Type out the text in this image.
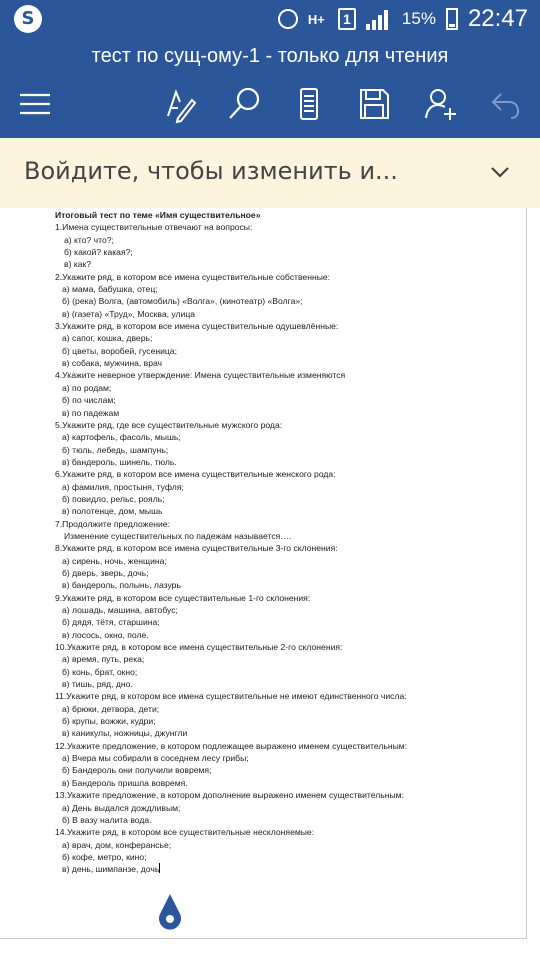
S
H+	1	15% 22:47
тест по сущ-ому-1 - только для чтения
Войдите, чтобы изменить и...
Итоговый тест по теме «Имя существительное»
1.Имена существительные отвечают на вопросы:
а) кто? что?;
б) какой? какая?;
в) как?
2.Укажите ряд, в котором все имена существительные собственные:
а) мама, бабушка, отец;
б) (река) Волга, (автомобиль) «Волга», (кинотеатр) «Волга»;
в) (газета) «Труд», Москва, улица
3.Укажите ряд, в котором все имена существительные одушевлённые:
а) сапог, кошка, дверь;
б) цветы, воробей, гусеница;
в) собака, мужчина, врач
4.Укажите неверное утверждение: Имена существительные изменяются
а) по родам;
б) по числам;
в) по падежам
5.Укажите ряд, где все существительные мужского рода:
а) картофель, фасоль, мышь;
б) тюль, лебедь, шампунь;
в) бандероль, шинель, тюль.
6.Укажите ряд, в котором все имена существительные женского рода:
а) фамилия, простыня, туфля;
б) повидло, рельс, рояль;
в) полотенце, дом, мышь
7.Продолжите предложение:
Изменение существительных по падежам называется….
8.Укажите ряд, в котором все имена существительные 3-го склонения:
а) сирень, ночь, женщина;
б) дверь, зверь, дочь;
в) бандероль, полынь, лазурь
9.Укажите ряд, в котором все существительные 1-го склонения:
а) лошадь, машина, автобус;
б) дядя, тётя, старшина;
в) лосось, окно, поле.
10.Укажите ряд, в котором все имена существительные 2-го склонения:
а) время, путь, река;
б) конь, брат, окно;
в) тишь, ряд, дно.
11.Укажите ряд, в котором все имена существительные не имеют единственного числа:
а) брюки, детвора, дети;
б) крупы, вожжи, кудри;
в) каникулы, ножницы, джунгли
12.Укажите предложение, в котором подлежащее выражено именем существительным:
а) Вчера мы собирали в соседнем лесу грибы;
б) Бандероль они получили вовремя;
в) Бандероль пришла вовремя.
13.Укажите предложение, в котором дополнение выражено именем существительным:
а) День выдался дождливым;
б) В вазу налита вода.
14.Укажите ряд, в котором все существительные несклоняемые:
а) врач, дом, конферансье;
б) кофе, метро, кино;
в) день, шимпанзе, дочь
